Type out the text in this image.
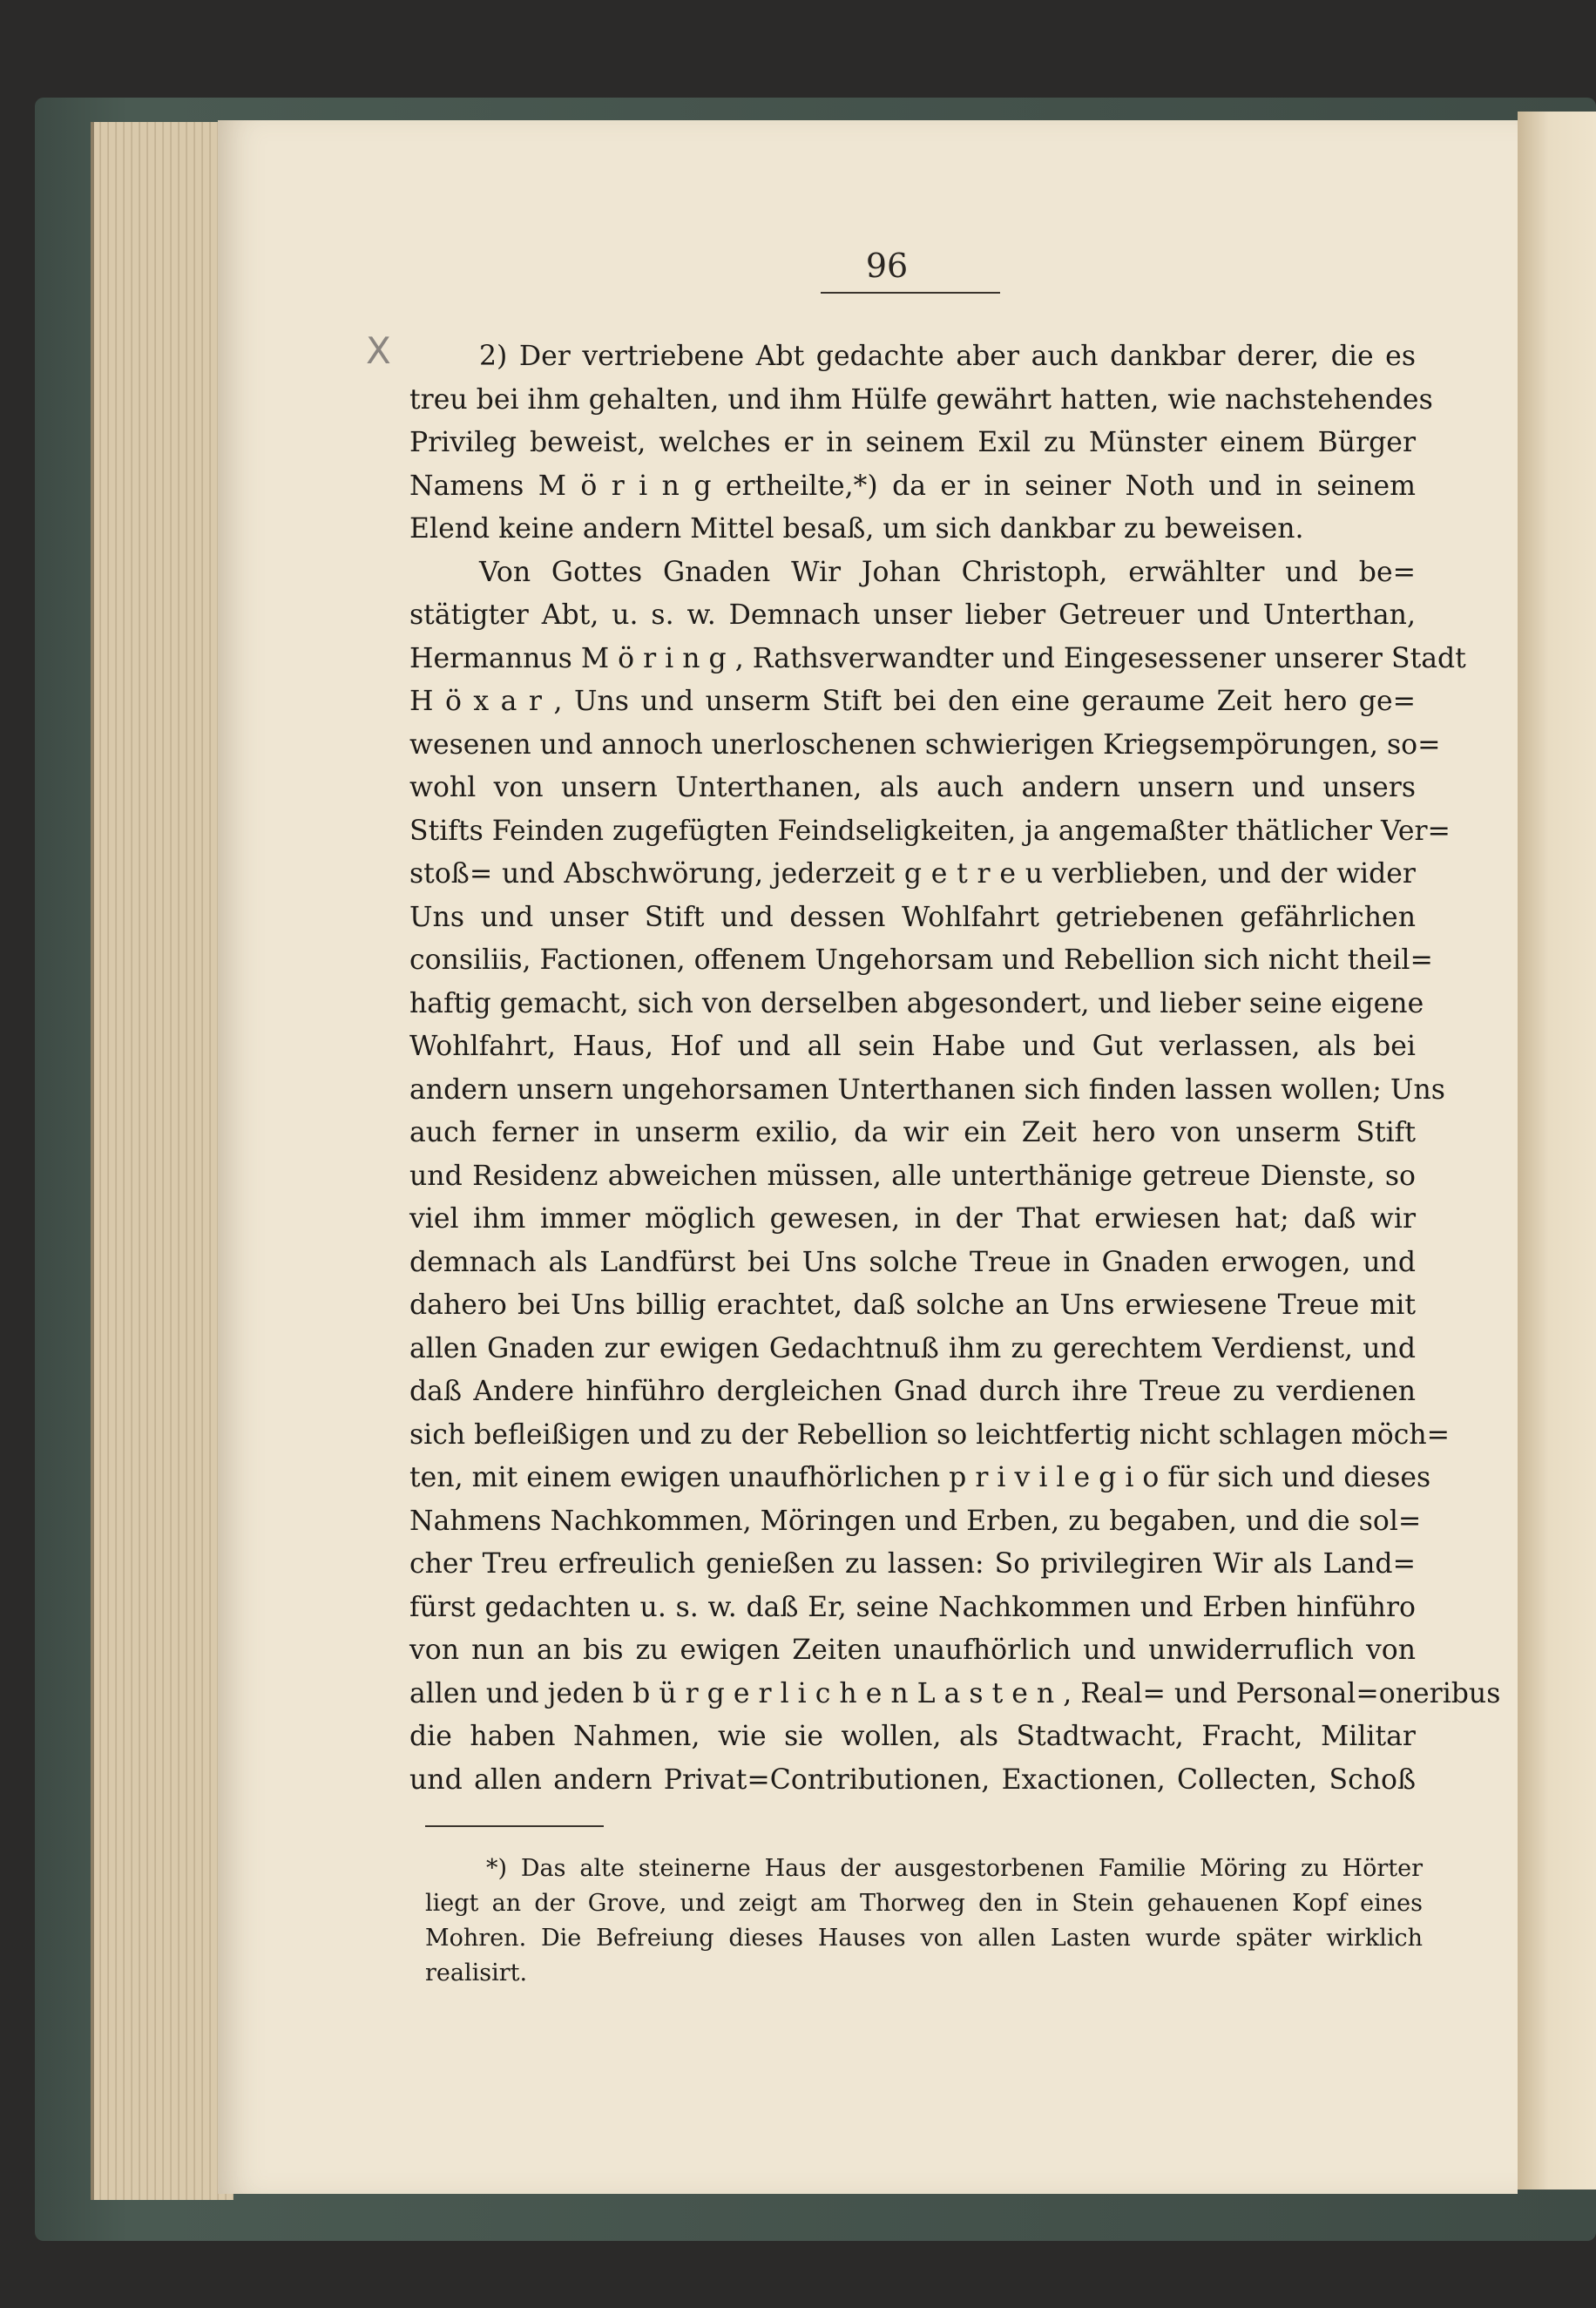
96
X	2) Der vertriebene Abt gedachte aber auch dankbar derer, die es
treu bei ihm gehalten, und ihm Hülfe gewährt hatten, wie nachstehendes
Privileg beweist, welches er in seinem Exil zu Münster einem Bürger
Namens M ö r i n g ertheilte,*) da er in seiner Noth und in seinem
Elend keine andern Mittel besaß, um sich dankbar zu beweisen.
Von Gottes Gnaden Wir Johan Christoph, erwählter und be=
stätigter Abt, u. s. w. Demnach unser lieber Getreuer und Unterthan,
Hermannus M ö r i n g , Rathsverwandter und Eingesessener unserer Stadt
H ö x a r , Uns und unserm Stift bei den eine geraume Zeit hero ge=
wesenen und annoch unerloschenen schwierigen Kriegsempörungen, so=
wohl von unsern Unterthanen, als auch andern unsern und unsers
Stifts Feinden zugefügten Feindseligkeiten, ja angemaßter thätlicher Ver=
stoß= und Abschwörung, jederzeit g e t r e u verblieben, und der wider
Uns und unser Stift und dessen Wohlfahrt getriebenen gefährlichen
consiliis, Factionen, offenem Ungehorsam und Rebellion sich nicht theil=
haftig gemacht, sich von derselben abgesondert, und lieber seine eigene
Wohlfahrt, Haus, Hof und all sein Habe und Gut verlassen, als bei
andern unsern ungehorsamen Unterthanen sich finden lassen wollen; Uns
auch ferner in unserm exilio, da wir ein Zeit hero von unserm Stift
und Residenz abweichen müssen, alle unterthänige getreue Dienste, so
viel ihm immer möglich gewesen, in der That erwiesen hat; daß wir
demnach als Landfürst bei Uns solche Treue in Gnaden erwogen, und
dahero bei Uns billig erachtet, daß solche an Uns erwiesene Treue mit
allen Gnaden zur ewigen Gedachtnuß ihm zu gerechtem Verdienst, und
daß Andere hinführo dergleichen Gnad durch ihre Treue zu verdienen
sich befleißigen und zu der Rebellion so leichtfertig nicht schlagen möch=
ten, mit einem ewigen unaufhörlichen p r i v i l e g i o für sich und dieses
Nahmens Nachkommen, Möringen und Erben, zu begaben, und die sol=
cher Treu erfreulich genießen zu lassen: So privilegiren Wir als Land=
fürst gedachten u. s. w. daß Er, seine Nachkommen und Erben hinführo
von nun an bis zu ewigen Zeiten unaufhörlich und unwiderruflich von
allen und jeden b ü r g e r l i c h e n L a s t e n , Real= und Personal=oneribus
die haben Nahmen, wie sie wollen, als Stadtwacht, Fracht, Militar
und allen andern Privat=Contributionen, Exactionen, Collecten, Schoß
*) Das alte steinerne Haus der ausgestorbenen Familie Möring zu Hörter
liegt an der Grove, und zeigt am Thorweg den in Stein gehauenen Kopf eines
Mohren. Die Befreiung dieses Hauses von allen Lasten wurde später wirklich
realisirt.
